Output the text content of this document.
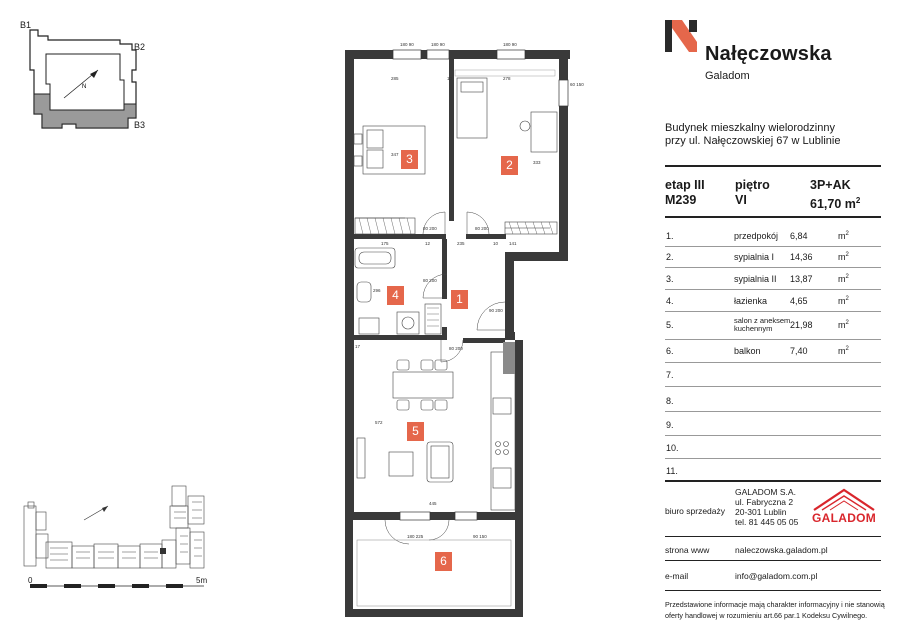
N
B1
B2
B3
0	5m
3	2
4	1
5
6
180 90	180 90	180 90
285	10	278
60 150
333
347
80 200	80 200
175	12	235	10 141
80 200
296
90 200
80 200
572
17
445
180 225	90 150
Nałęczowska
Galadom
Budynek mieszkalny wielorodzinny
przy ul. Nałęczowskiej 67 w Lublinie
etap III
M239
piętro
VI
3P+AK
61,70 $m^2$
1.	przedpokój 6,84	$m^2$
2.	sypialnia I 14,36	$m^2$
3.	sypialnia II 13,87	$m^2$
4.	łazienka	4,65	$m^2$
5.	salon z aneksem
kuchennym 21,98	$m^2$
6.	balkon	7,40	$m^2$
7.
8.
9.
10.
11.
biuro sprzedaży
GALADOM S.A.
ul. Fabryczna 2
20-301 Lublin
tel. 81 445 05 05 GALADOM
strona www	naleczowska.galadom.pl
e-mail	info@galadom.com.pl
Przedstawione informacje mają charakter informacyjny i nie stanowią
oferty handlowej w rozumieniu art.66 par.1 Kodeksu Cywilnego.
